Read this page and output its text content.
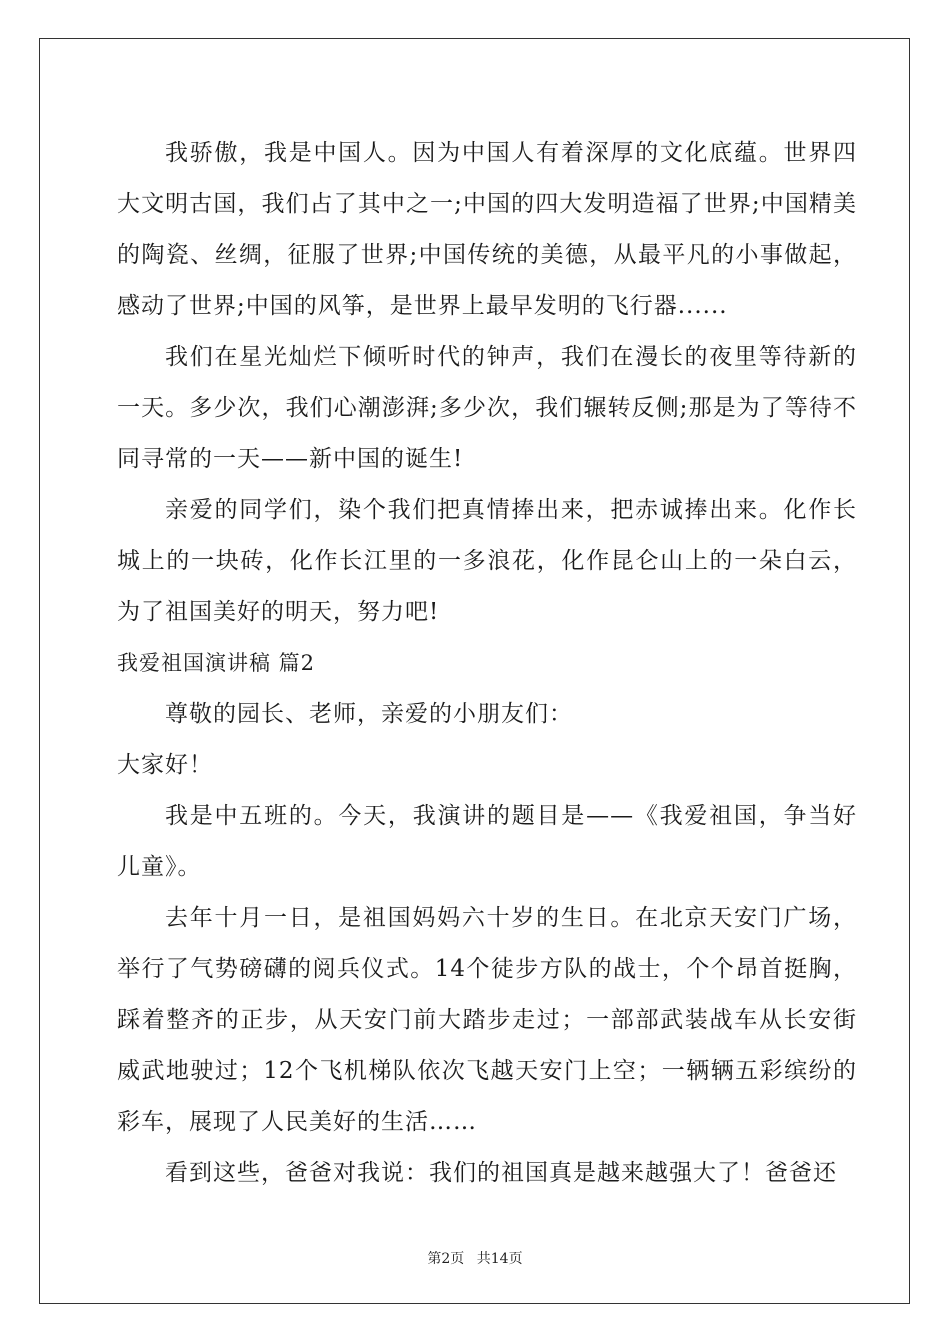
我骄傲，我是中国人。因为中国人有着深厚的文化底蕴。世界四大文明古国，我们占了其中之一;中国的四大发明造福了世界;中国精美的陶瓷、丝绸，征服了世界;中国传统的美德，从最平凡的小事做起，感动了世界;中国的风筝，是世界上最早发明的飞行器......

我们在星光灿烂下倾听时代的钟声，我们在漫长的夜里等待新的一天。多少次，我们心潮澎湃;多少次，我们辗转反侧;那是为了等待不同寻常的一天——新中国的诞生!

亲爱的同学们，染个我们把真情捧出来，把赤诚捧出来。化作长城上的一块砖，化作长江里的一多浪花，化作昆仑山上的一朵白云，为了祖国美好的明天，努力吧!

我爱祖国演讲稿 篇2

尊敬的园长、老师，亲爱的小朋友们：

大家好！

我是中五班的。今天，我演讲的题目是——《我爱祖国，争当好儿童》。

去年十月一日，是祖国妈妈六十岁的生日。在北京天安门广场，举行了气势磅礴的阅兵仪式。14个徒步方队的战士，个个昂首挺胸，踩着整齐的正步，从天安门前大踏步走过；一部部武装战车从长安街威武地驶过；12个飞机梯队依次飞越天安门上空；一辆辆五彩缤纷的彩车，展现了人民美好的生活……

看到这些，爸爸对我说：我们的祖国真是越来越强大了！爸爸还

第2页 共14页
